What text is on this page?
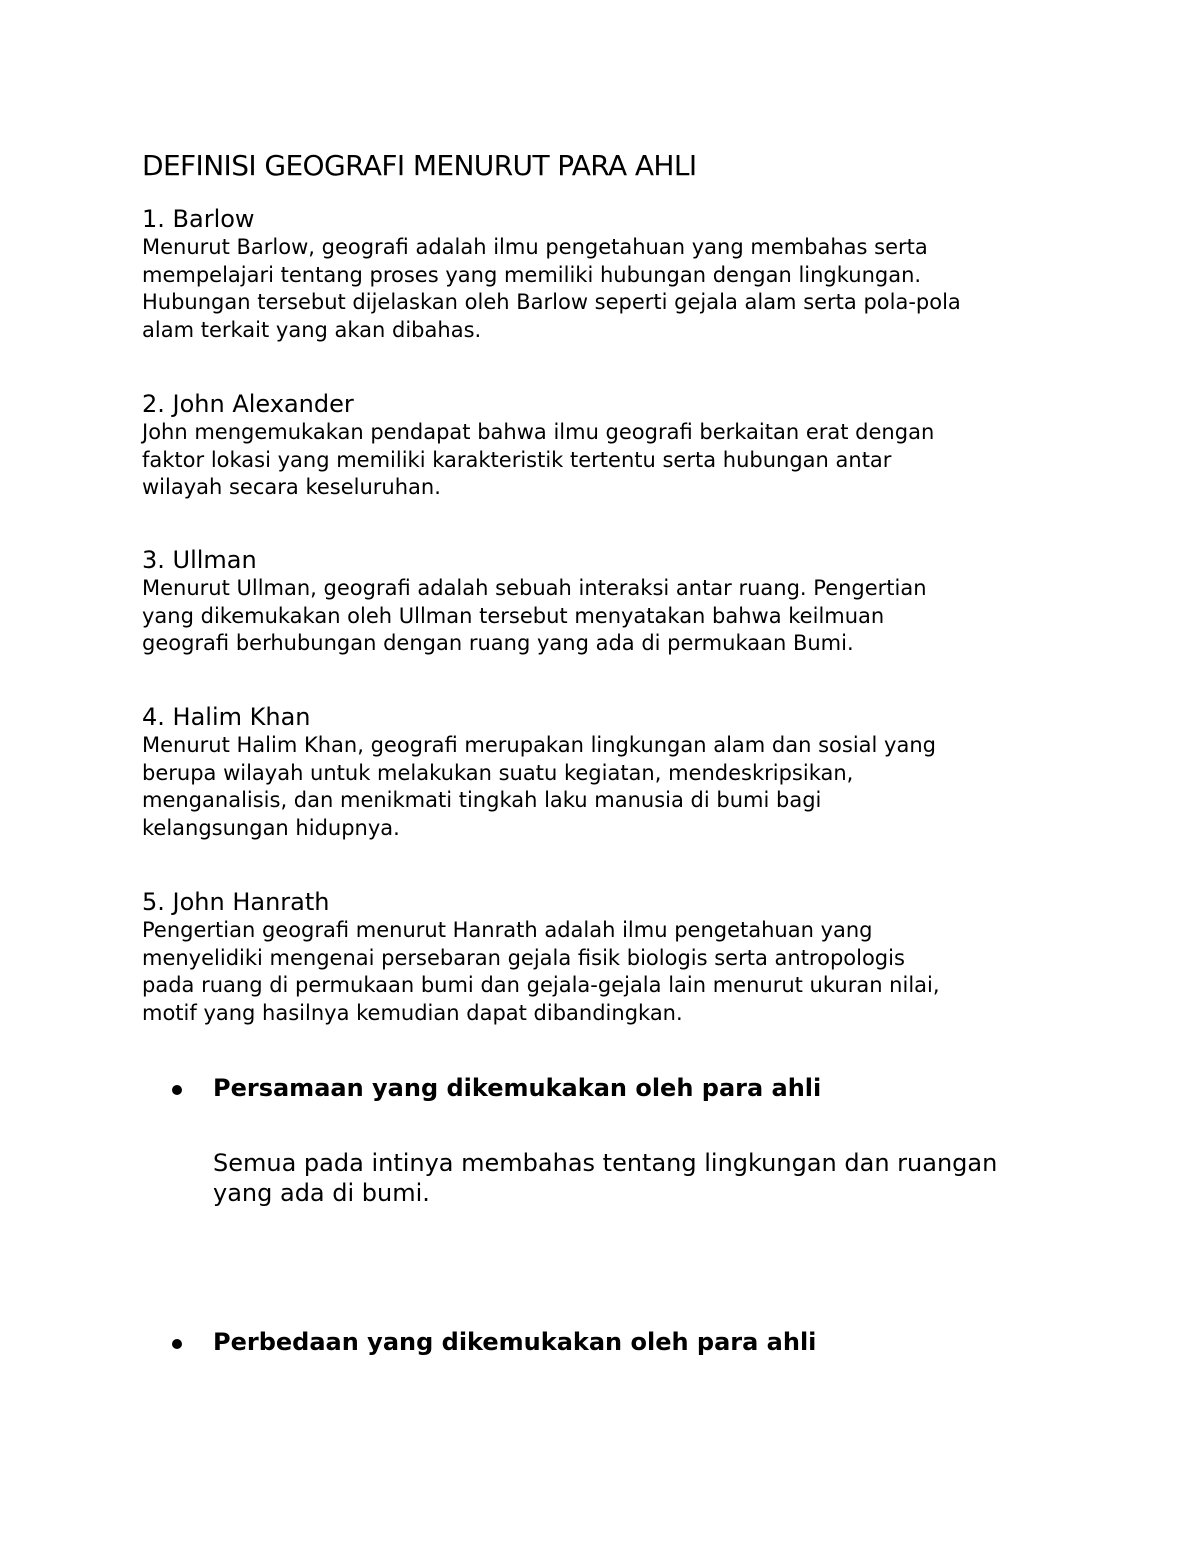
DEFINISI GEOGRAFI MENURUT PARA AHLI
1. Barlow

Menurut Barlow, geografi adalah ilmu pengetahuan yang membahas serta
mempelajari tentang proses yang memiliki hubungan dengan lingkungan.
Hubungan tersebut dijelaskan oleh Barlow seperti gejala alam serta pola-pola
alam terkait yang akan dibahas.

2. John Alexander

John mengemukakan pendapat bahwa ilmu geografi berkaitan erat dengan
faktor lokasi yang memiliki karakteristik tertentu serta hubungan antar
wilayah secara keseluruhan.

3. Ullman

Menurut Ullman, geografi adalah sebuah interaksi antar ruang. Pengertian
yang dikemukakan oleh Ullman tersebut menyatakan bahwa keilmuan
geografi berhubungan dengan ruang yang ada di permukaan Bumi.

4. Halim Khan

Menurut Halim Khan, geografi merupakan lingkungan alam dan sosial yang
berupa wilayah untuk melakukan suatu kegiatan, mendeskripsikan,
menganalisis, dan menikmati tingkah laku manusia di bumi bagi
kelangsungan hidupnya.

5. John Hanrath

Pengertian geografi menurut Hanrath adalah ilmu pengetahuan yang
menyelidiki mengenai persebaran gejala fisik biologis serta antropologis
pada ruang di permukaan bumi dan gejala-gejala lain menurut ukuran nilai,
motif yang hasilnya kemudian dapat dibandingkan.

Persamaan yang dikemukakan oleh para ahli

Semua pada intinya membahas tentang lingkungan dan ruangan
yang ada di bumi.

Perbedaan yang dikemukakan oleh para ahli
